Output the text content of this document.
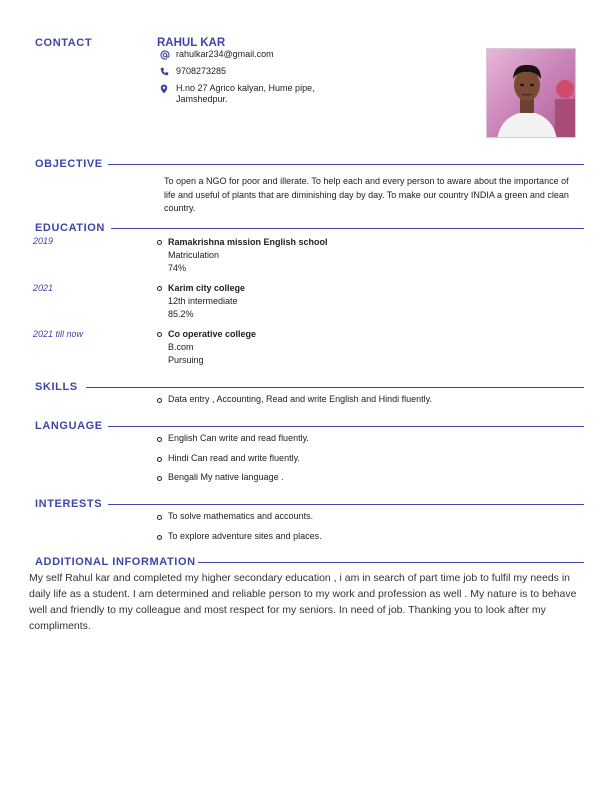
CONTACT	RAHUL KAR
rahulkar234@gmail.com
9708273285
H.no 27 Agrico kalyan, Hume pipe,
Jamshedpur.
OBJECTIVE
To open a NGO for poor and illerate. To help each and every person to aware about the importance of life and useful of plants that are diminishing day by day. To make our country INDIA a green and clean country.
EDUCATION
2019	Ramakrishna mission English school
Matriculation
74%
2021	Karim city college
12th intermediate
85.2%
2021 till now	Co operative college
B.com
Pursuing
SKILLS
Data entry , Accounting, Read and write English and Hindi fluently.
LANGUAGE
English Can write and read fluently.
Hindi Can read and write fluently.
Bengali My native language .
INTERESTS
To solve mathematics and accounts.
To explore adventure sites and places.
ADDITIONAL INFORMATION
My self Rahul kar and completed my higher secondary education , i am in search of part time job to fulfil my needs in daily life as a student. I am determined and reliable person to my work and profession as well . My nature is to behave well and friendly to my colleague and most respect for my seniors. In need of job. Thanking you to look after my compliments.
